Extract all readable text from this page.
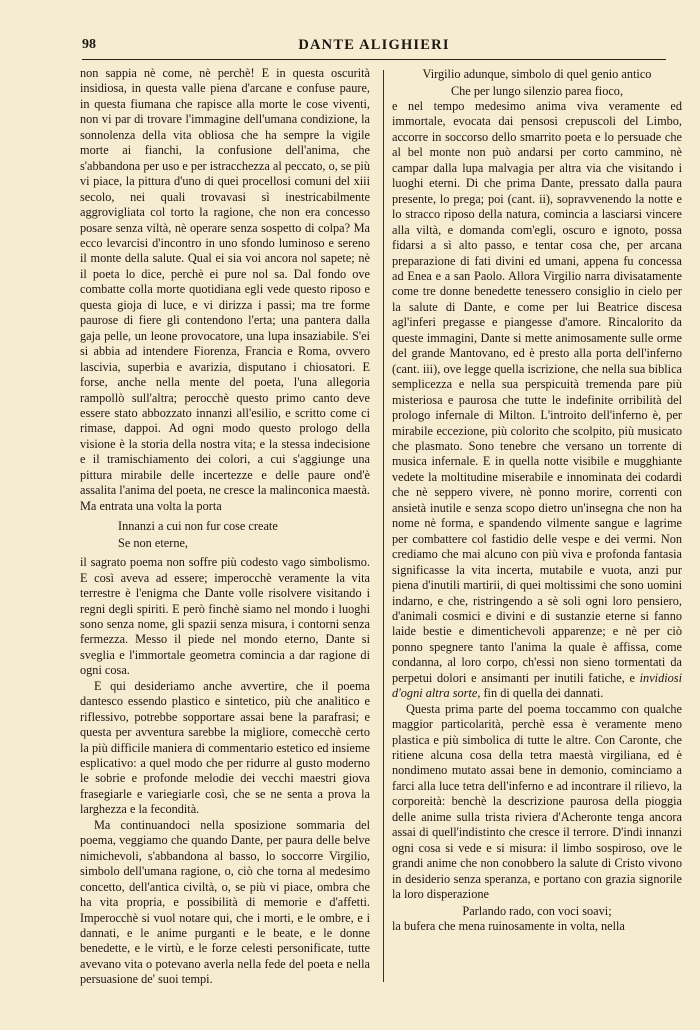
98	DANTE ALIGHIERI

non sappia nè come, nè perchè! E in questa oscurità insidiosa, in questa valle piena d'arcane e confuse paure, in questa fiumana che rapisce alla morte le cose viventi, non vi par di trovare l'immagine dell'umana condizione, la sonnolenza della vita obliosa che ha sempre la vigile morte ai fianchi, la confusione dell'anima, che s'abbandona per uso e per istracchezza al peccato, o, se più vi piace, la pittura d'uno di quei procellosi comuni del xiii secolo, nei quali trovavasi sì inestricabilmente aggrovigliata col torto la ragione, che non era concesso posare senza viltà, nè operare senza sospetto di colpa? Ma ecco levarcisi d'incontro in uno sfondo luminoso e sereno il monte della salute. Qual ei sia voi ancora nol sapete; nè il poeta lo dice, perchè ei pure nol sa. Dal fondo ove combatte colla morte quotidiana egli vede questo riposo e questa gioja di luce, e vi dirizza i passi; ma tre forme paurose di fiere gli contendono l'erta; una pantera dalla gaja pelle, un leone provocatore, una lupa insaziabile. S'ei si abbia ad intendere Fiorenza, Francia e Roma, ovvero lascivia, superbia e avarizia, disputano i chiosatori. E forse, anche nella mente del poeta, l'una allegoria rampollò sull'altra; perocchè questo primo canto deve essere stato abbozzato innanzi all'esilio, e scritto come ci rimase, dappoi. Ad ogni modo questo prologo della visione è la storia della nostra vita; e la stessa indecisione e il tramischiamento dei colori, a cui s'aggiunge una pittura mirabile delle incertezze e delle paure ond'è assalita l'anima del poeta, ne cresce la malinconica maestà. Ma entrata una volta la porta

Innanzi a cui non fur cose create
Se non eterne,

il sagrato poema non soffre più codesto vago simbolismo. E così aveva ad essere; imperocchè veramente la vita terrestre è l'enigma che Dante volle risolvere visitando i regni degli spiriti. E però finchè siamo nel mondo i luoghi sono senza nome, gli spazii senza misura, i contorni senza fermezza. Messo il piede nel mondo eterno, Dante si sveglia e l'immortale geometra comincia a dar ragione di ogni cosa.

E qui desideriamo anche avvertire, che il poema dantesco essendo plastico e sintetico, più che analitico e riflessivo, potrebbe sopportare assai bene la parafrasi; e questa per avventura sarebbe la migliore, comecchè certo la più difficile maniera di commentario estetico ed insieme esplicativo: a quel modo che per ridurre al gusto moderno le sobrie e profonde melodie dei vecchi maestri giova frasegiarle e variegiarle così, che se ne senta a prova la larghezza e la fecondità.

Ma continuandoci nella sposizione sommaria del poema, veggiamo che quando Dante, per paura delle belve nimichevoli, s'abbandona al basso, lo soccorre Virgilio, simbolo dell'umana ragione, o, ciò che torna al medesimo concetto, dell'antica civiltà, o, se più vi piace, ombra che ha vita propria, e possibilità di memorie e d'affetti. Imperocchè si vuol notare qui, che i morti, e le ombre, e i dannati, e le anime purganti e le beate, e le donne benedette, e le virtù, e le forze celesti personificate, tutte avevano vita o potevano averla nella fede del poeta e nella persuasione de' suoi tempi.

Virgilio adunque, simbolo di quel genio antico
Che per lungo silenzio parea fioco,

e nel tempo medesimo anima viva veramente ed immortale, evocata dai pensosi crepuscoli del Limbo, accorre in soccorso dello smarrito poeta e lo persuade che al bel monte non può andarsi per corto cammino, nè campar dalla lupa malvagia per altra via che visitando i luoghi eterni. Di che prima Dante, pressato dalla paura presente, lo prega; poi (cant. ii), sopravvenendo la notte e lo stracco riposo della natura, comincia a lasciarsi vincere alla viltà, e domanda com'egli, oscuro e ignoto, possa fidarsi a sì alto passo, e tentar cosa che, per arcana preparazione di fati divini ed umani, appena fu concessa ad Enea e a san Paolo. Allora Virgilio narra divisatamente come tre donne benedette tenessero consiglio in cielo per la salute di Dante, e come per lui Beatrice discesa agl'inferi pregasse e piangesse d'amore. Rincalorito da queste immagini, Dante si mette animosamente sulle orme del grande Mantovano, ed è presto alla porta dell'inferno (cant. iii), ove legge quella iscrizione, che nella sua biblica semplicezza e nella sua perspicuità tremenda pare più misteriosa e paurosa che tutte le indefinite orribilità del prologo infernale di Milton. L'introito dell'inferno è, per mirabile eccezione, più colorito che scolpito, più musicato che plasmato. Sono tenebre che versano un torrente di musica infernale. E in quella notte visibile e mugghiante vedete la moltitudine miserabile e innominata dei codardi che nè seppero vivere, nè ponno morire, correnti con ansietà inutile e senza scopo dietro un'insegna che non ha nome nè forma, e spandendo vilmente sangue e lagrime per combattere col fastidio delle vespe e dei vermi. Non crediamo che mai alcuno con più viva e profonda fantasia significasse la vita incerta, mutabile e vuota, anzi pur piena d'inutili martirii, di quei moltissimi che sono uomini indarno, e che, ristringendo a sè soli ogni loro pensiero, d'animali cosmici e divini e di sustanzie eterne si fanno laide bestie e dimentichevoli apparenze; e nè per ciò ponno spegnere tanto l'anima la quale è affissa, come condanna, al loro corpo, ch'essi non sieno tormentati da perpetui dolori e ansimanti per inutili fatiche, e invidiosi d'ogni altra sorte, fin di quella dei dannati.

Questa prima parte del poema toccammo con qualche maggior particolarità, perchè essa è veramente meno plastica e più simbolica di tutte le altre. Con Caronte, che ritiene alcuna cosa della tetra maestà virgiliana, ed è nondimeno mutato assai bene in demonio, cominciamo a farci alla luce tetra dell'inferno e ad incontrare il rilievo, la corporeità: benchè la descrizione paurosa della pioggia delle anime sulla trista riviera d'Acheronte tenga ancora assai di quell'indistinto che cresce il terrore. D'indi innanzi ogni cosa si vede e si misura: il limbo sospiroso, ove le grandi anime che non conobbero la salute di Cristo vivono in desiderio senza speranza, e portano con grazia signorile la loro disperazione

Parlando rado, con voci soavi;

la bufera che mena ruinosamente in volta, nella
